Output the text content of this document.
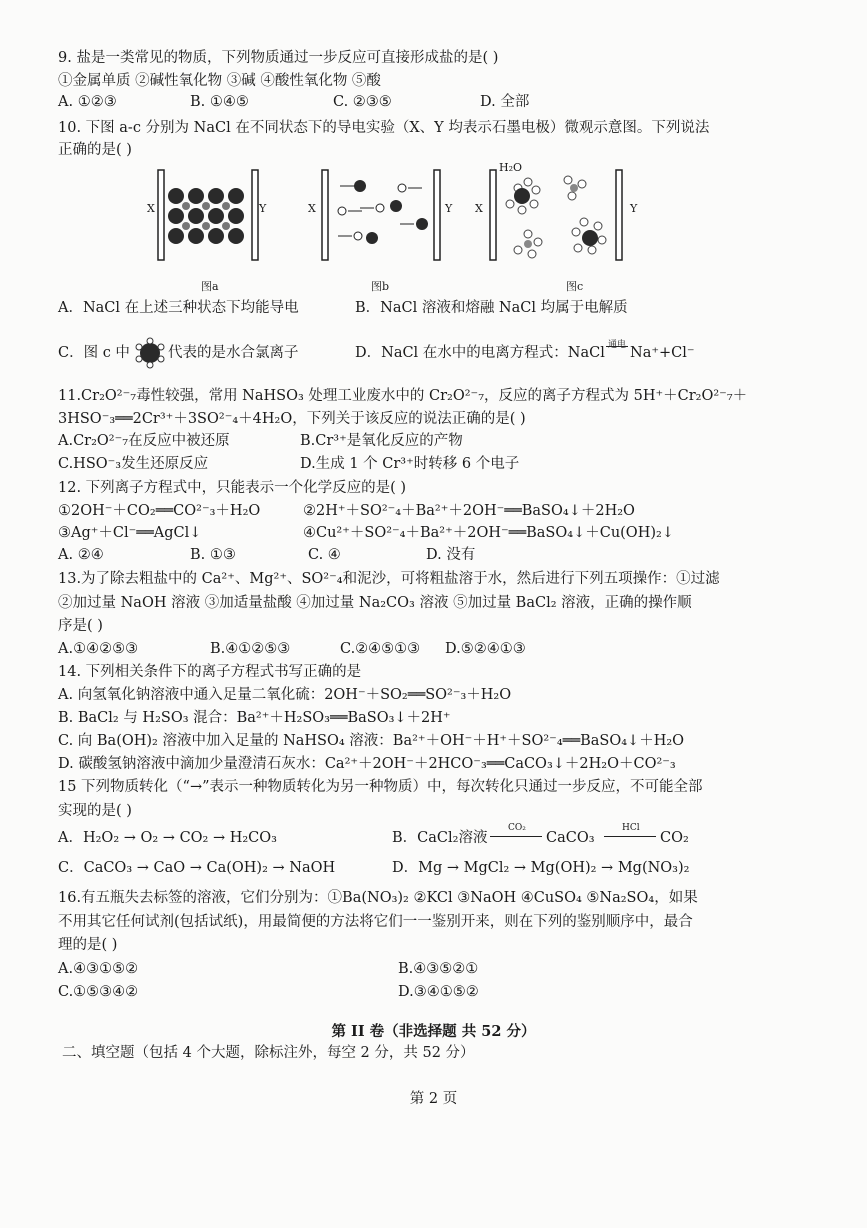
9. 盐是一类常见的物质，下列物质通过一步反应可直接形成盐的是( )
①金属单质 ②碱性氧化物 ③碱 ④酸性氧化物 ⑤酸
A. ①②③	B. ①④⑤	C. ②③⑤	D. 全部
10. 下图 a-c 分别为 NaCl 在不同状态下的导电实验（X、Y 均表示石墨电极）微观示意图。下列说法
正确的是( )
X	Y
图a
X	Y
图b
H₂O
X	Y
图c
A．NaCl 在上述三种状态下均能导电	B．NaCl 溶液和熔融 NaCl 均属于电解质
C．图 c 中	代表的是水合氯离子	D．NaCl 在水中的电离方程式：NaCl 通电 Na⁺+Cl⁻
11.Cr₂O²⁻₇毒性较强，常用 NaHSO₃ 处理工业废水中的 Cr₂O²⁻₇，反应的离子方程式为 5H⁺＋Cr₂O²⁻₇＋
3HSO⁻₃══2Cr³⁺＋3SO²⁻₄＋4H₂O，下列关于该反应的说法正确的是( )
A.Cr₂O²⁻₇在反应中被还原	B.Cr³⁺是氧化反应的产物
C.HSO⁻₃发生还原反应	D.生成 1 个 Cr³⁺时转移 6 个电子
12. 下列离子方程式中，只能表示一个化学反应的是( )
①2OH⁻＋CO₂══CO²⁻₃＋H₂O	②2H⁺＋SO²⁻₄＋Ba²⁺＋2OH⁻══BaSO₄↓＋2H₂O
③Ag⁺＋Cl⁻══AgCl↓	④Cu²⁺＋SO²⁻₄＋Ba²⁺＋2OH⁻══BaSO₄↓＋Cu(OH)₂↓
A. ②④	B. ①③	C. ④	D. 没有
13.为了除去粗盐中的 Ca²⁺、Mg²⁺、SO²⁻₄和泥沙，可将粗盐溶于水，然后进行下列五项操作：①过滤
②加过量 NaOH 溶液 ③加适量盐酸 ④加过量 Na₂CO₃ 溶液 ⑤加过量 BaCl₂ 溶液，正确的操作顺
序是( )
A.①④②⑤③	B.④①②⑤③	C.②④⑤①③ D.⑤②④①③
14. 下列相关条件下的离子方程式书写正确的是
A. 向氢氧化钠溶液中通入足量二氧化硫：2OH⁻＋SO₂══SO²⁻₃＋H₂O
B. BaCl₂ 与 H₂SO₃ 混合：Ba²⁺＋H₂SO₃══BaSO₃↓＋2H⁺
C. 向 Ba(OH)₂ 溶液中加入足量的 NaHSO₄ 溶液：Ba²⁺＋OH⁻＋H⁺＋SO²⁻₄══BaSO₄↓＋H₂O
D. 碳酸氢钠溶液中滴加少量澄清石灰水：Ca²⁺＋2OH⁻＋2HCO⁻₃══CaCO₃↓＋2H₂O＋CO²⁻₃
15 下列物质转化（“→”表示一种物质转化为另一种物质）中，每次转化只通过一步反应，不可能全部
实现的是( )
A．H₂O₂ → O₂ → CO₂ → H₂CO₃	B．CaCl₂溶液
CO₂
CaCO₃
HCl
CO₂
C．CaCO₃ → CaO → Ca(OH)₂ → NaOH	D．Mg → MgCl₂ → Mg(OH)₂ → Mg(NO₃)₂
16.有五瓶失去标签的溶液，它们分别为：①Ba(NO₃)₂ ②KCl ③NaOH ④CuSO₄ ⑤Na₂SO₄，如果
不用其它任何试剂(包括试纸)，用最简便的方法将它们一一鉴别开来，则在下列的鉴别顺序中，最合
理的是( )
A.④③①⑤②	B.④③⑤②①
C.①⑤③④②	D.③④①⑤②
第 II 卷（非选择题 共 52 分）
二、填空题（包括 4 个大题，除标注外，每空 2 分，共 52 分）
第 2 页
